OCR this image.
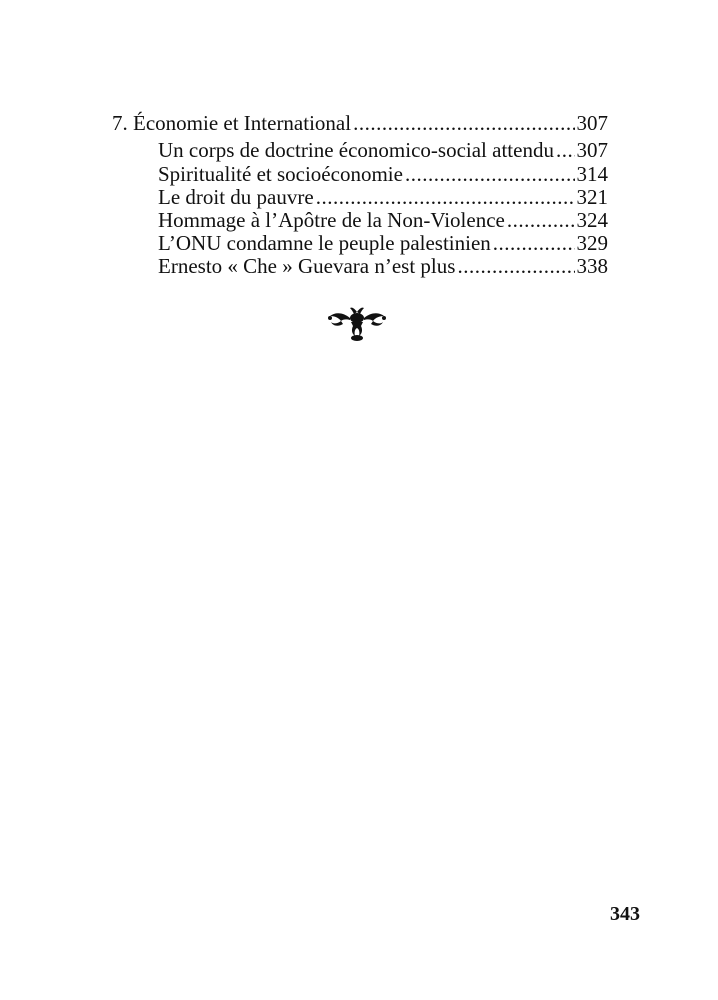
7. Économie et International .....	307
Un corps de doctrine économico-social attendu ..... 307
Spiritualité et socioéconomie .....	314
Le droit du pauvre .....	321
Hommage à l’Apôtre de la Non-Violence .....	324
L’ONU condamne le peuple palestinien .....	329
Ernesto « Che » Guevara n’est plus .....	338
343
